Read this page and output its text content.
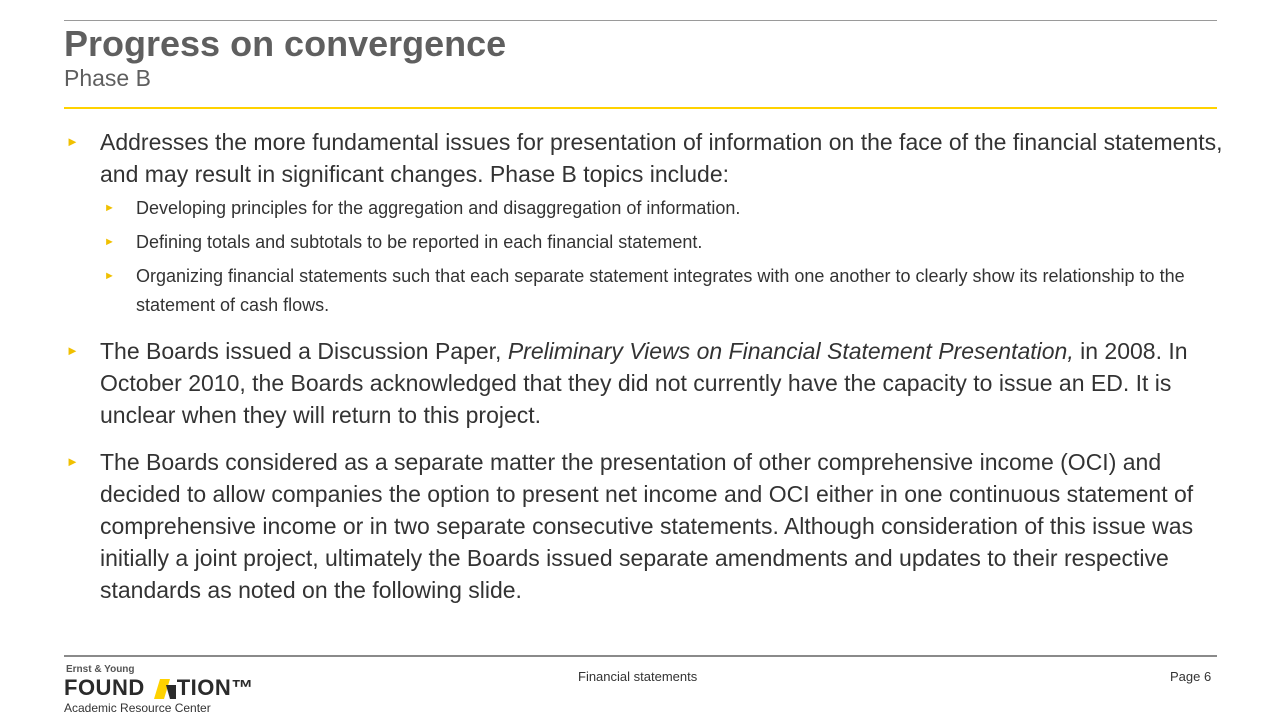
Progress on convergence
Phase B
► Addresses the more fundamental issues for presentation of information on the face of the financial statements, and may result in significant changes. Phase B topics include:
► Developing principles for the aggregation and disaggregation of information.
► Defining totals and subtotals to be reported in each financial statement.
► Organizing financial statements such that each separate statement integrates with one another to clearly show its relationship to the statement of cash flows.
► The Boards issued a Discussion Paper, Preliminary Views on Financial Statement Presentation, in 2008. In October 2010, the Boards acknowledged that they did not currently have the capacity to issue an ED. It is unclear when they will return to this project.
► The Boards considered as a separate matter the presentation of other comprehensive income (OCI) and decided to allow companies the option to present net income and OCI either in one continuous statement of comprehensive income or in two separate consecutive statements. Although consideration of this issue was initially a joint project, ultimately the Boards issued separate amendments and updates to their respective standards as noted on the following slide.
Ernst & Young
FOUND TION™
Academic Resource Center
Financial statements	Page 6
